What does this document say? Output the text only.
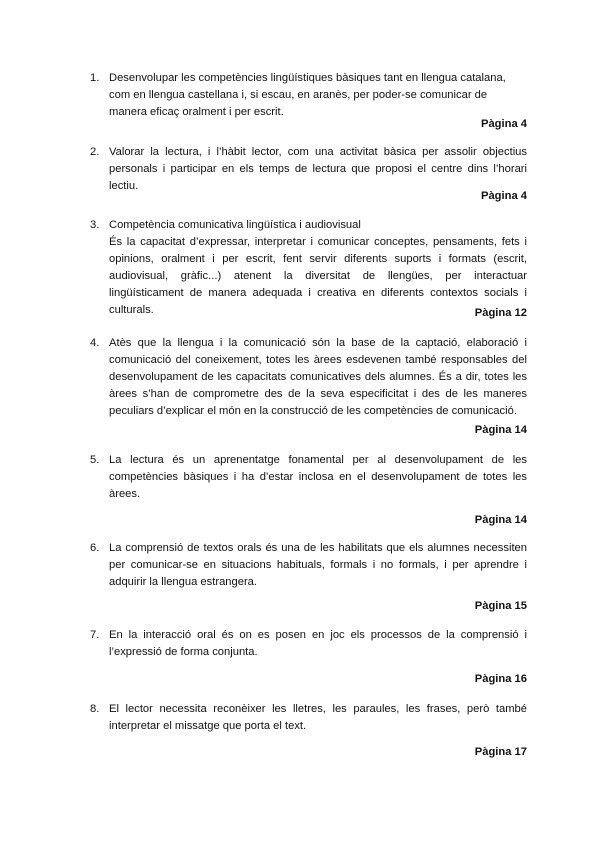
1. Desenvolupar les competències lingüístiques bàsiques tant en llengua catalana, com en llengua castellana i, si escau, en aranès, per poder-se comunicar de manera eficaç oralment i per escrit.
Pàgina 4
2. Valorar la lectura, i l’hàbit lector, com una activitat bàsica per assolir objectius personals i participar en els temps de lectura que proposi el centre dins l’horari lectiu.
Pàgina 4
3. Competència comunicativa lingüística i audiovisual
És la capacitat d’expressar, interpretar i comunicar conceptes, pensaments, fets i opinions, oralment i per escrit, fent servir diferents suports i formats (escrit, audiovisual, gràfic...) atenent la diversitat de llengües, per interactuar lingüísticament de manera adequada i creativa en diferents contextos socials i culturals.	Pàgina 12
4. Atès que la llengua i la comunicació són la base de la captació, elaboració i comunicació del coneixement, totes les àrees esdevenen també responsables del desenvolupament de les capacitats comunicatives dels alumnes. És a dir, totes les àrees s’han de comprometre des de la seva especificitat i des de les maneres peculiars d’explicar el món en la construcció de les competències de comunicació.
Pàgina 14
5. La lectura és un aprenentatge fonamental per al desenvolupament de les competències bàsiques i ha d’estar inclosa en el desenvolupament de totes les àrees.
Pàgina 14
6. La comprensió de textos orals és una de les habilitats que els alumnes necessiten per comunicar-se en situacions habituals, formals i no formals, i per aprendre i adquirir la llengua estrangera.
Pàgina 15
7. En la interacció oral és on es posen en joc els processos de la comprensió i l’expressió de forma conjunta.
Pàgina 16
8. El lector necessita reconèixer les lletres, les paraules, les frases, però també interpretar el missatge que porta el text.
Pàgina 17
